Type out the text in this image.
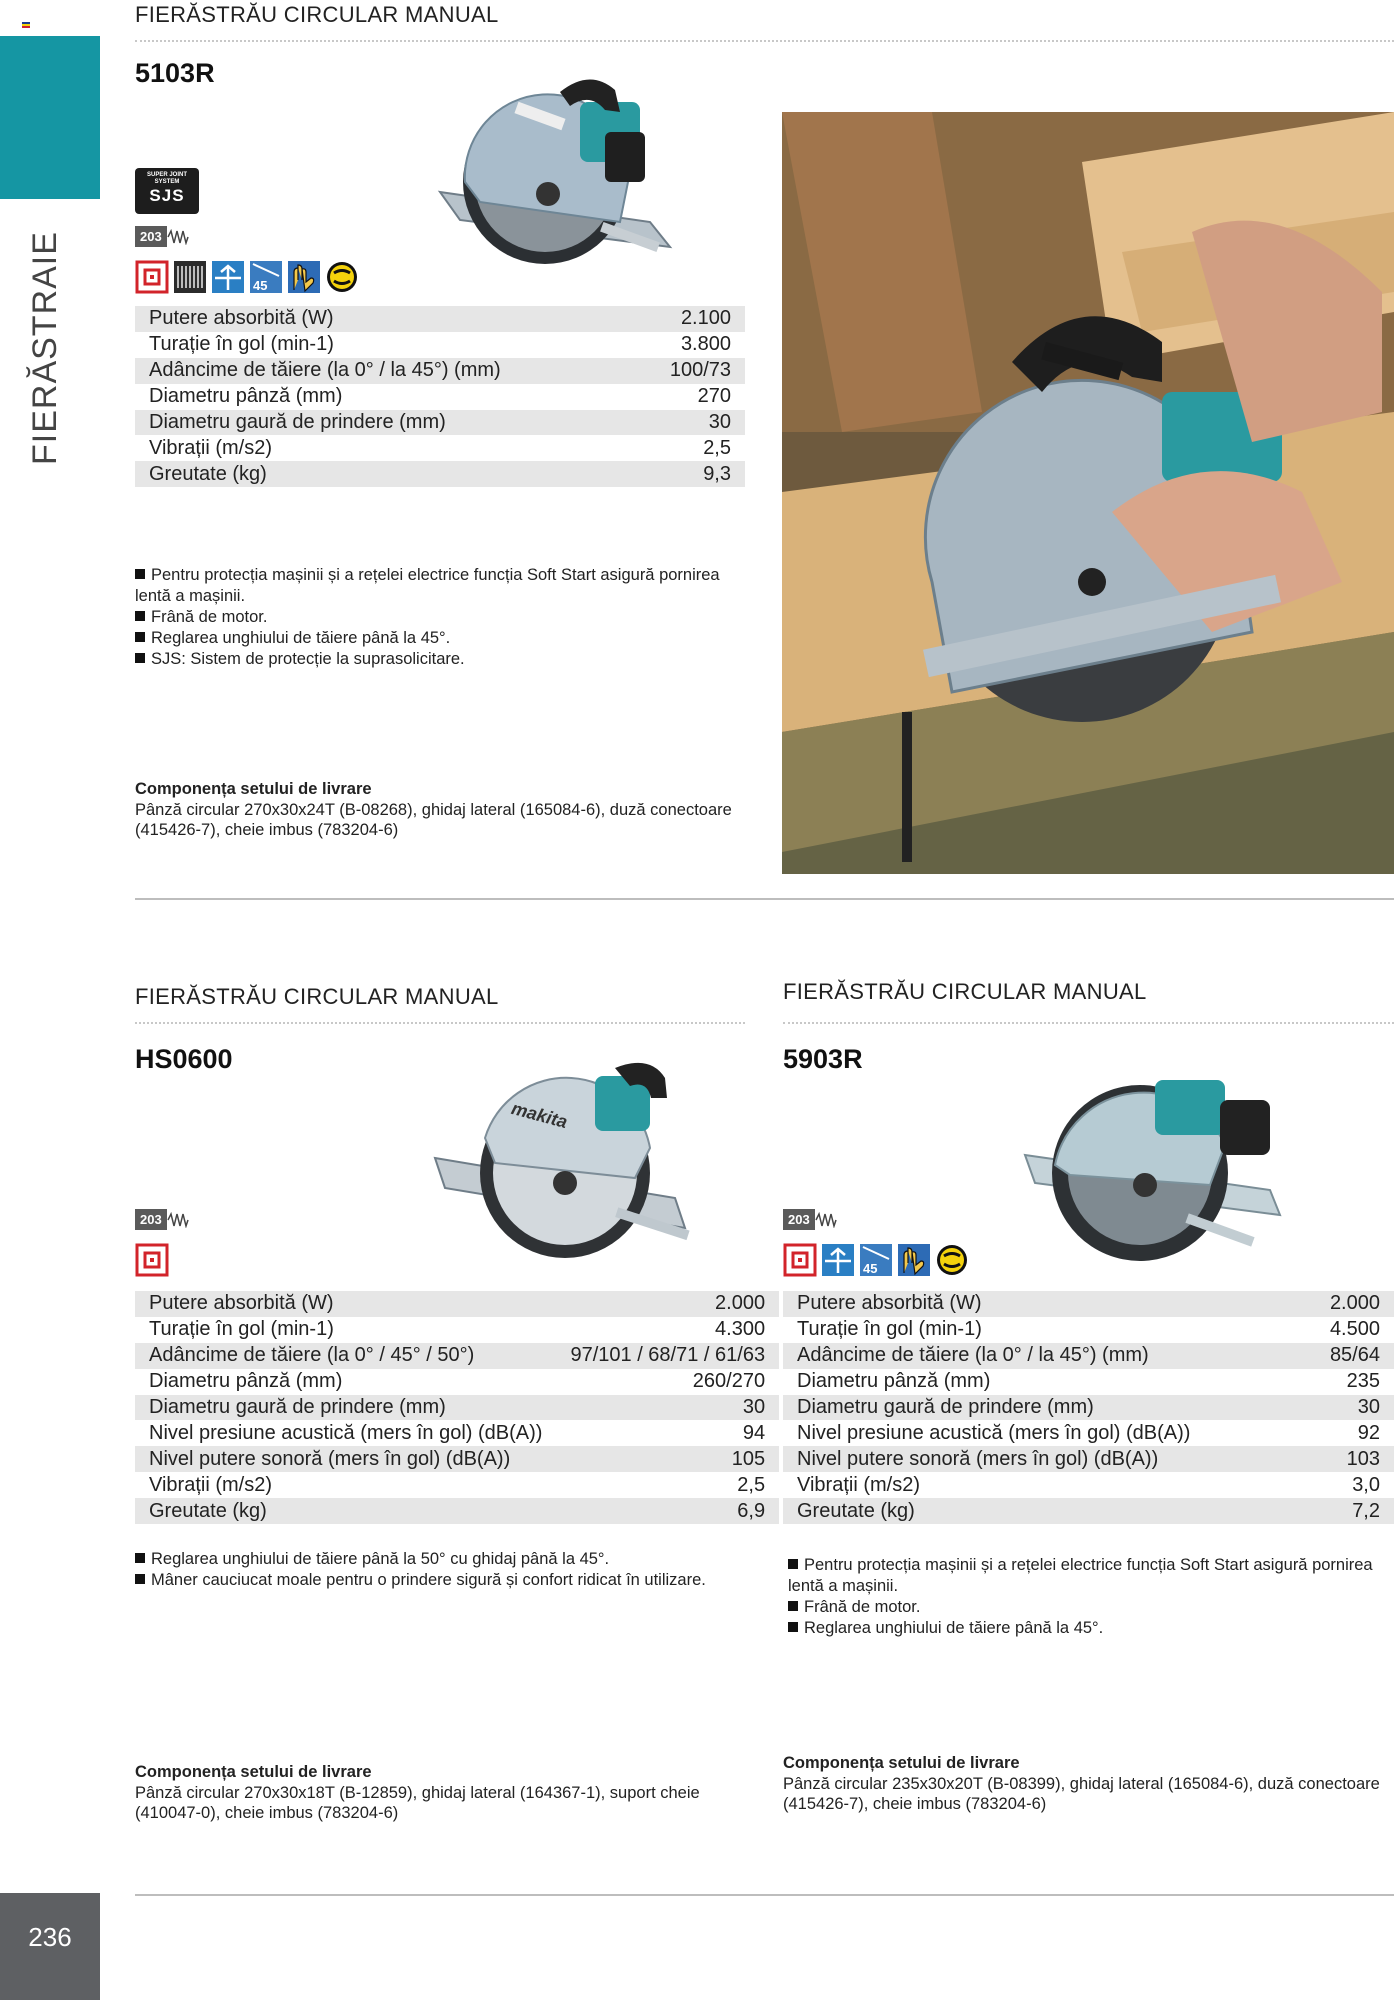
FIERĂSTRAIE
236
FIERĂSTRĂU CIRCULAR MANUAL
5103R
SUPER JOINT
SYSTEM
SJS
203
45
Putere absorbită (W)	2.100
Turație în gol (min-1)	3.800
Adâncime de tăiere (la 0° / la 45°) (mm)	100/73
Diametru pânză (mm)	270
Diametru gaură de prindere (mm)	30
Vibrații (m/s2)	2,5
Greutate (kg)	9,3

Pentru protecția mașinii și a rețelei electrice funcția Soft Start asigură pornirea lentă a mașinii.

Frână de motor.

Reglarea unghiului de tăiere până la 45°.

SJS: Sistem de protecție la suprasolicitare.

Componența setului de livrare
Pânză circular 270x30x24T (B-08268), ghidaj lateral (165084-6), duză conectoare (415426-7), cheie imbus (783204-6)
FIERĂSTRĂU CIRCULAR MANUAL
HS0600
makita
203
Putere absorbită (W)	2.000
Turație în gol (min-1)	4.300
Adâncime de tăiere (la 0° / 45° / 50°)	97/101 / 68/71 / 61/63
Diametru pânză (mm)	260/270
Diametru gaură de prindere (mm)	30
Nivel presiune acustică (mers în gol) (dB(A))	94
Nivel putere sonoră (mers în gol) (dB(A))	105
Vibrații (m/s2)	2,5
Greutate (kg)	6,9

Reglarea unghiului de tăiere până la 50° cu ghidaj până la 45°.

Mâner cauciucat moale pentru o prindere sigură și confort ridicat în utilizare.

Componența setului de livrare
Pânză circular 270x30x18T (B-12859), ghidaj lateral (164367-1), suport cheie (410047-0), cheie imbus (783204-6)
FIERĂSTRĂU CIRCULAR MANUAL
5903R
203
45
Putere absorbită (W)	2.000
Turație în gol (min-1)	4.500
Adâncime de tăiere (la 0° / la 45°) (mm)	85/64
Diametru pânză (mm)	235
Diametru gaură de prindere (mm)	30
Nivel presiune acustică (mers în gol) (dB(A))	92
Nivel putere sonoră (mers în gol) (dB(A))	103
Vibrații (m/s2)	3,0
Greutate (kg)	7,2

Pentru protecția mașinii și a rețelei electrice funcția Soft Start asigură pornirea lentă a mașinii.

Frână de motor.

Reglarea unghiului de tăiere până la 45°.

Componența setului de livrare
Pânză circular 235x30x20T (B-08399), ghidaj lateral (165084-6), duză conectoare (415426-7), cheie imbus (783204-6)
